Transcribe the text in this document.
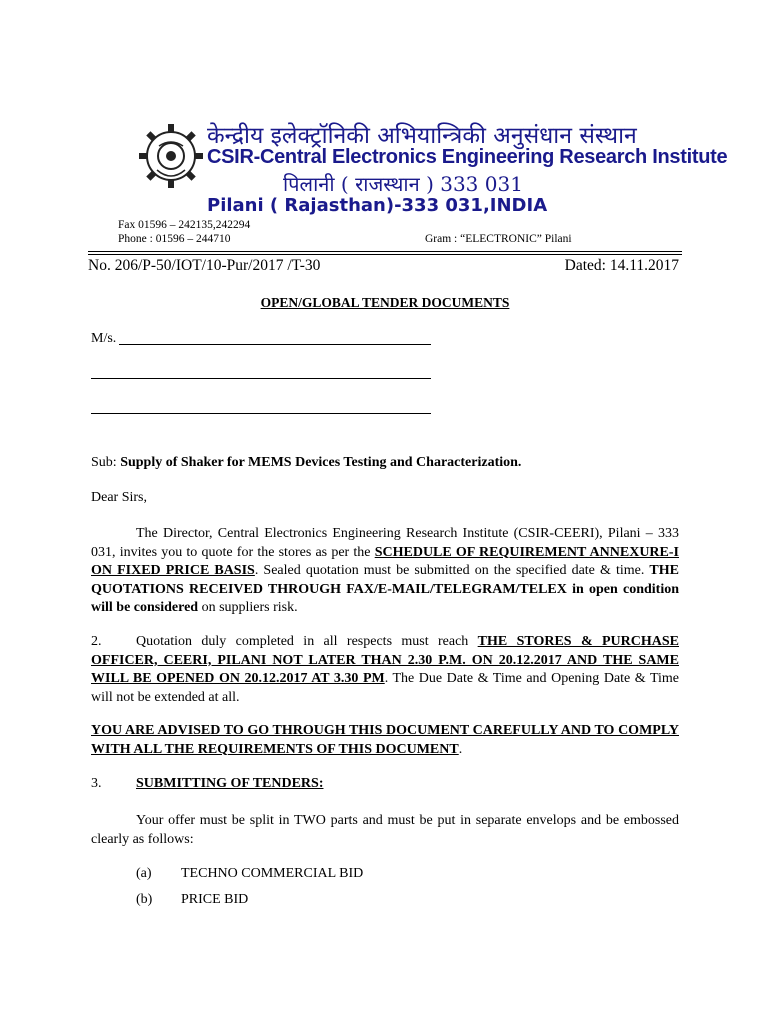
केन्द्रीय इलेक्ट्रॉनिकी अभियान्त्रिकी अनुसंधान संस्थान
CSIR-Central Electronics Engineering Research Institute
पिलानी ( राजस्थान ) 333 031
Pilani ( Rajasthan)-333 031,INDIA
Fax 01596 – 242135,242294
Phone : 01596 – 244710	Gram : “ELECTRONIC” Pilani
No. 206/P-50/IOT/10-Pur/2017 /T-30	Dated: 14.11.2017
OPEN/GLOBAL TENDER DOCUMENTS
M/s.
Sub: Supply of Shaker for MEMS Devices Testing and Characterization.
Dear Sirs,
The Director, Central Electronics Engineering Research Institute (CSIR-CEERI), Pilani – 333 031, invites you to quote for the stores as per the SCHEDULE OF REQUIREMENT ANNEXURE-I ON FIXED PRICE BASIS. Sealed quotation must be submitted on the specified date & time. THE QUOTATIONS RECEIVED THROUGH FAX/E-MAIL/TELEGRAM/TELEX in open condition will be considered on suppliers risk.
2. Quotation duly completed in all respects must reach THE STORES & PURCHASE OFFICER, CEERI, PILANI NOT LATER THAN 2.30 P.M. ON 20.12.2017 AND THE SAME WILL BE OPENED ON 20.12.2017 AT 3.30 PM. The Due Date & Time and Opening Date & Time will not be extended at all.
YOU ARE ADVISED TO GO THROUGH THIS DOCUMENT CAREFULLY AND TO COMPLY WITH ALL THE REQUIREMENTS OF THIS DOCUMENT.
3. SUBMITTING OF TENDERS:
Your offer must be split in TWO parts and must be put in separate envelops and be embossed clearly as follows:
(a) TECHNO COMMERCIAL BID
(b) PRICE BID
